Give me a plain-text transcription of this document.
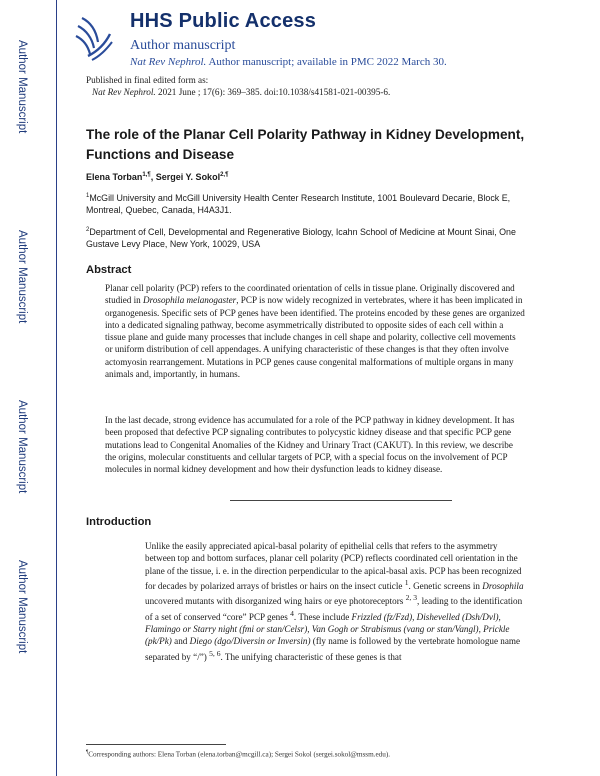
Author Manuscript
Author Manuscript
Author Manuscript
Author Manuscript
HHS Public Access
Author manuscript
Nat Rev Nephrol. Author manuscript; available in PMC 2022 March 30.
Published in final edited form as:
Nat Rev Nephrol. 2021 June ; 17(6): 369–385. doi:10.1038/s41581-021-00395-6.
The role of the Planar Cell Polarity Pathway in Kidney Development, Functions and Disease
Elena Torban$^{1,\P}$, Sergei Y. Sokol$^{2,\P}$
$^1$McGill University and McGill University Health Center Research Institute, 1001 Boulevard Decarie, Block E, Montreal, Quebec, Canada, H4A3J1.
$^2$Department of Cell, Developmental and Regenerative Biology, Icahn School of Medicine at Mount Sinai, One Gustave Levy Place, New York, 10029, USA
Abstract

Planar cell polarity (PCP) refers to the coordinated orientation of cells in tissue plane. Originally discovered and studied in Drosophila melanogaster, PCP is now widely recognized in vertebrates, where it has been implicated in organogenesis. Specific sets of PCP genes have been identified. The proteins encoded by these genes are organized into a dedicated signaling pathway, become asymmetrically distributed to opposite sides of each cell within a tissue plane and guide many processes that include changes in cell shape and polarity, collective cell movements or uniform distribution of cell appendages. A unifying characteristic of these changes is that they often involve actomyosin rearrangement. Mutations in PCP genes cause congenital malformations of multiple organs in many animals and, importantly, in humans.

In the last decade, strong evidence has accumulated for a role of the PCP pathway in kidney development. It has been proposed that defective PCP signaling contributes to polycystic kidney disease and that specific PCP gene mutations lead to Congenital Anomalies of the Kidney and Urinary Tract (CAKUT). In this review, we describe the origins, molecular constituents and cellular targets of PCP, with a special focus on the involvement of PCP molecules in normal kidney development and how their dysfunction leads to kidney disease.

Introduction

Unlike the easily appreciated apical-basal polarity of epithelial cells that refers to the asymmetry between top and bottom surfaces, planar cell polarity (PCP) reflects coordinated cell orientation in the plane of the tissue, i. e. in the direction perpendicular to the apical-basal axis. PCP has been recognized for decades by polarized arrays of bristles or hairs on the insect cuticle $^1$. Genetic screens in Drosophila uncovered mutants with disorganized wing hairs or eye photoreceptors $^{2, 3}$, leading to the identification of a set of conserved “core” PCP genes $^4$. These include Frizzled (fz/Fzd), Dishevelled (Dsh/Dvl), Flamingo or Starry night (fmi or stan/Celsr), Van Gogh or Strabismus (vang or stan/Vangl), Prickle (pk/Pk) and Diego (dgo/Diversin or Inversin) (fly name is followed by the vertebrate homologue name separated by “/”) $^{5, 6}$. The unifying characteristic of these genes is that

¶Corresponding authors: Elena Torban (elena.torban@mcgill.ca); Sergei Sokol (sergei.sokol@mssm.edu).
